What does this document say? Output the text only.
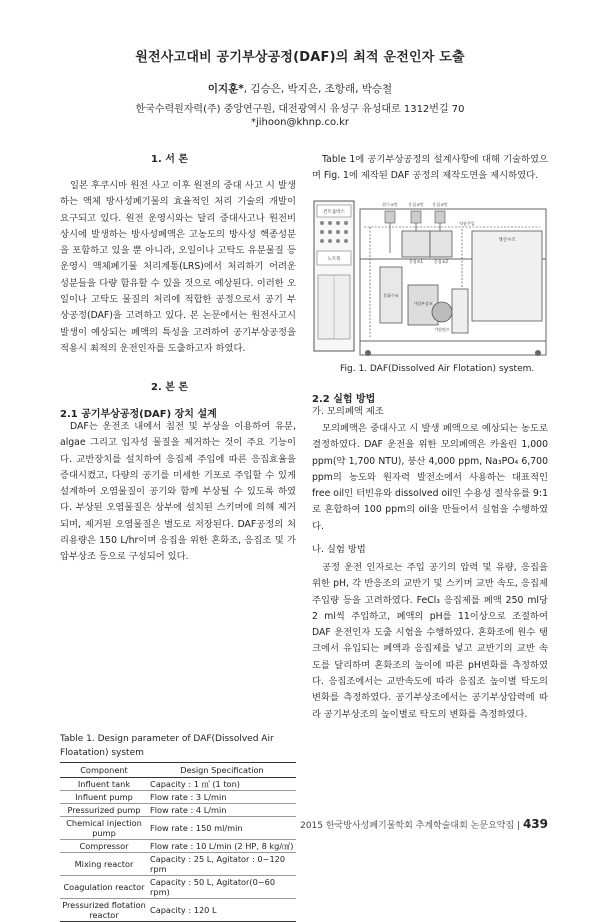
원전사고대비 공기부상공정(DAF)의 최적 운전인자 도출
이지훈*, 김승은, 박지은, 조항래, 박승철
한국수력원자력(주) 중앙연구원, 대전광역시 유성구 유성대로 1312번길 70
*jihoon@khnp.co.kr
1. 서 론
일본 후쿠시마 원전 사고 이후 원전의 중대 사고 시 발생하는 액체 방사성폐기물의 효율적인 처리 기술의 개발이 요구되고 있다. 원전 운영시와는 달리 중대사고나 원전비상시에 발생하는 방사성폐액은 고농도의 방사성 핵종성분을 포함하고 있을 뿐 아니라, 오일이나 고탁도 유분물질 등 운영시 액체폐기물 처리계통(LRS)에서 처리하기 어려운 성분들을 다량 함유할 수 있을 것으로 예상된다. 이러한 오일이나 고탁도 물질의 처리에 적합한 공정으로서 공기 부상공정(DAF)을 고려하고 있다. 본 논문에서는 원전사고시 발생이 예상되는 폐액의 특성을 고려하여 공기부상공정을 적용시 최적의 운전인자를 도출하고자 하였다.
2. 본 론
2.1 공기부상공정(DAF) 장치 설계
DAF는 운전조 내에서 침전 및 부상을 이용하여 유분, algae 그리고 입자성 물질을 제거하는 것이 주요 기능이다. 교반장치를 설치하여 응집제 주입에 따른 응집효율을 증대시켰고, 다량의 공기를 미세한 기포로 주입할 수 있게 설계하여 오염물질이 공기와 함께 부상될 수 있도록 하였다. 부상된 오염물질은 상부에 설치된 스키머에 의해 제거되며, 제거된 오염물질은 별도로 저장된다. DAF공정의 처리용량은 150 L/hr이며 응집을 위한 혼화조, 응집조 및 가압부상조 등으로 구성되어 있다.
Table 1. Design parameter of DAF(Dissolved Air Floatation) system
Component	Design Specification
Influent tank	Capacity : 1 ㎥ (1 ton)
Influent pump	Flow rate : 3 L/min
Pressurized pump	Flow rate : 4 L/min
Chemical injection pump	Flow rate : 150 ml/min
Compressor	Flow rate : 10 L/min (2 HP, 8 kg/㎠)
Mixing reactor	Capacity : 25 L, Agitator : 0~120 rpm
Coagulation reactor	Capacity : 50 L, Agitator(0~60 rpm)
Pressurized flotation reactor	Capacity : 120 L
Table 1에 공기부상공정의 설계사항에 대해 기술하였으며 Fig. 1에 제작된 DAF 공정의 제작도면을 제시하였다.
컨트롤박스
노트북
원수교반	응집교반 응집교반
약품주입
응집조1	응집조2
생산수조
혼화수조
가압부상조
가압펌프
Fig. 1. DAF(Dissolved Air Flotation) system.
2.2 실험 방법
가. 모의폐액 제조
모의폐액은 중대사고 시 발생 폐액으로 예상되는 농도로 결정하였다. DAF 운전을 위한 모의폐액은 카올린 1,000 ppm(약 1,700 NTU), 붕산 4,000 ppm, Na₃PO₄ 6,700 ppm의 농도와 원자력 발전소에서 사용하는 대표적인 free oil인 터빈유와 dissolved oil인 수용성 절삭유를 9:1로 혼합하여 100 ppm의 oil을 만들어서 실험을 수행하였다.
나. 실험 방법
공정 운전 인자로는 주입 공기의 압력 및 유량, 응집을 위한 pH, 각 반응조의 교반기 및 스키머 교반 속도, 응집제 주입량 등을 고려하였다. FeCl₃ 응집제를 폐액 250 ml당 2 ml씩 주입하고, 폐액의 pH를 11이상으로 조절하여 DAF 운전인자 도출 시험을 수행하였다. 혼화조에 원수 탱크에서 유입되는 폐액과 응집제를 넣고 교반기의 교반 속도를 달리하며 혼화조의 높이에 따른 pH변화를 측정하였다. 응집조에서는 교반속도에 따라 응집조 높이별 탁도의 변화를 측정하였다. 공기부상조에서는 공기부상압력에 따라 공기부상조의 높이별로 탁도의 변화를 측정하였다.
2015 한국방사성폐기물학회 추계학술대회 논문요약집 | 439
